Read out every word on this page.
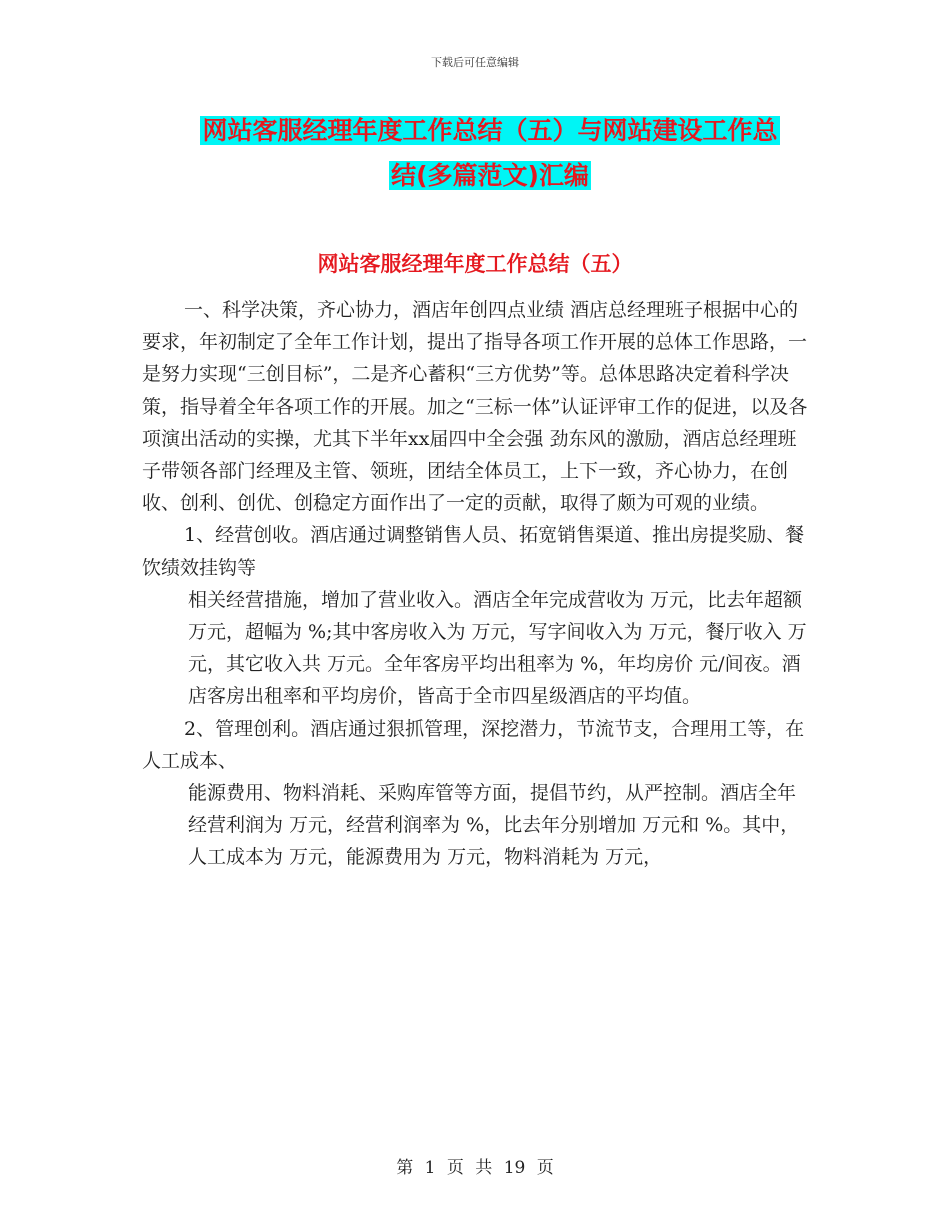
下载后可任意编辑
网站客服经理年度工作总结（五）与网站建设工作总
结(多篇范文)汇编
网站客服经理年度工作总结（五）

一、科学决策，齐心协力，酒店年创四点业绩 酒店总经理班子根据中心的要求，年初制定了全年工作计划，提出了指导各项工作开展的总体工作思路，一是努力实现“三创目标”，二是齐心蓄积“三方优势”等。总体思路决定着科学决策，指导着全年各项工作的开展。加之“三标一体”认证评审工作的促进，以及各项演出活动的实操，尤其下半年xx届四中全会强 劲东风的激励，酒店总经理班子带领各部门经理及主管、领班，团结全体员工，上下一致，齐心协力，在创收、创利、创优、创稳定方面作出了一定的贡献，取得了颇为可观的业绩。

1、经营创收。酒店通过调整销售人员、拓宽销售渠道、推出房提奖励、餐饮绩效挂钩等

相关经营措施，增加了营业收入。酒店全年完成营收为 万元，比去年超额 万元，超幅为 %;其中客房收入为 万元，写字间收入为 万元，餐厅收入 万元，其它收入共 万元。全年客房平均出租率为 %，年均房价 元/间夜。酒店客房出租率和平均房价，皆高于全市四星级酒店的平均值。

2、管理创利。酒店通过狠抓管理，深挖潜力，节流节支，合理用工等，在人工成本、

能源费用、物料消耗、采购库管等方面，提倡节约，从严控制。酒店全年经营利润为 万元，经营利润率为 %，比去年分别增加 万元和 %。其中，人工成本为 万元，能源费用为 万元，物料消耗为 万元，

第 1 页 共 19 页
